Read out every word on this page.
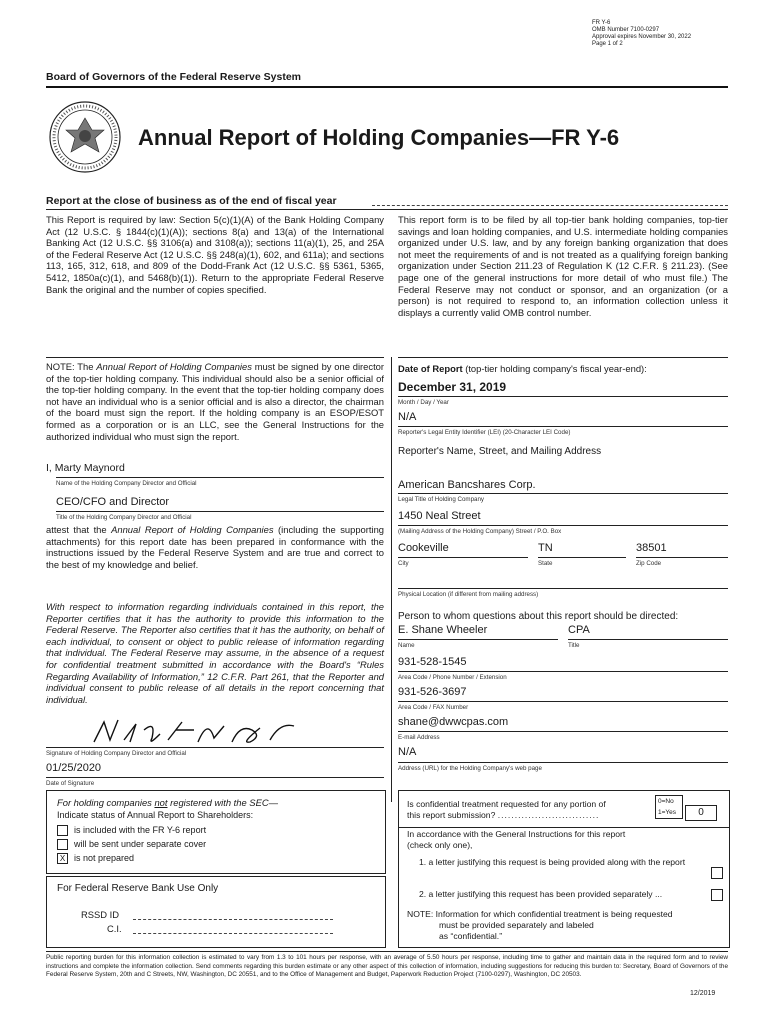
FR Y-6
OMB Number 7100-0297
Approval expires November 30, 2022
Page 1 of 2
Board of Governors of the Federal Reserve System
Annual Report of Holding Companies—FR Y-6
Report at the close of business as of the end of fiscal year
This Report is required by law: Section 5(c)(1)(A) of the Bank Holding Company Act (12 U.S.C. § 1844(c)(1)(A)); sections 8(a) and 13(a) of the International Banking Act (12 U.S.C. §§ 3106(a) and 3108(a)); sections 11(a)(1), 25, and 25A of the Federal Reserve Act (12 U.S.C. §§ 248(a)(1), 602, and 611a); and sections 113, 165, 312, 618, and 809 of the Dodd-Frank Act (12 U.S.C. §§ 5361, 5365, 5412, 1850a(c)(1), and 5468(b)(1)). Return to the appropriate Federal Reserve Bank the original and the number of copies specified.
This report form is to be filed by all top-tier bank holding companies, top-tier savings and loan holding companies, and U.S. intermediate holding companies organized under U.S. law, and by any foreign banking organization that does not meet the requirements of and is not treated as a qualifying foreign banking organization under Section 211.23 of Regulation K (12 C.F.R. § 211.23). (See page one of the general instructions for more detail of who must file.) The Federal Reserve may not conduct or sponsor, and an organization (or a person) is not required to respond to, an information collection unless it displays a currently valid OMB control number.
NOTE: The Annual Report of Holding Companies must be signed by one director of the top-tier holding company. This individual should also be a senior official of the top-tier holding company. In the event that the top-tier holding company does not have an individual who is a senior official and is also a director, the chairman of the board must sign the report. If the holding company is an ESOP/ESOT formed as a corporation or is an LLC, see the General Instructions for the authorized individual who must sign the report.
I, Marty Maynord
Name of the Holding Company Director and Official
CEO/CFO and Director
Title of the Holding Company Director and Official
attest that the Annual Report of Holding Companies (including the supporting attachments) for this report date has been prepared in conformance with the instructions issued by the Federal Reserve System and are true and correct to the best of my knowledge and belief.
With respect to information regarding individuals contained in this report, the Reporter certifies that it has the authority to provide this information to the Federal Reserve. The Reporter also certifies that it has the authority, on behalf of each individual, to consent or object to public release of information regarding that individual. The Federal Reserve may assume, in the absence of a request for confidential treatment submitted in accordance with the Board's “Rules Regarding Availability of Information,” 12 C.F.R. Part 261, that the Reporter and individual consent to public release of all details in the report concerning that individual.
Signature of Holding Company Director and Official
01/25/2020
Date of Signature
For holding companies not registered with the SEC—
Indicate status of Annual Report to Shareholders:
is included with the FR Y-6 report
will be sent under separate cover
X is not prepared
For Federal Reserve Bank Use Only
RSSD ID
C.I.
Date of Report (top-tier holding company's fiscal year-end):
December 31, 2019
Month / Day / Year
N/A
Reporter's Legal Entity Identifier (LEI) (20-Character LEI Code)
Reporter's Name, Street, and Mailing Address
American Bancshares Corp.
Legal Title of Holding Company
1450 Neal Street
(Mailing Address of the Holding Company) Street / P.O. Box
Cookeville	TN	38501
City	State	Zip Code
Physical Location (if different from mailing address)
Person to whom questions about this report should be directed:
E. Shane Wheeler	CPA
Name	Title
931-528-1545
Area Code / Phone Number / Extension
931-526-3697
Area Code / FAX Number
shane@dwwcpas.com
E-mail Address
N/A
Address (URL) for the Holding Company's web page
Is confidential treatment requested for any portion of
this report submission? ..............................
0=No
1=Yes	0
In accordance with the General Instructions for this report (check only one),
1. a letter justifying this request is being provided along with the report
2. a letter justifying this request has been provided separately ...
NOTE: Information for which confidential treatment is being requested
must be provided separately and labeled
as “confidential.”
Public reporting burden for this information collection is estimated to vary from 1.3 to 101 hours per response, with an average of 5.50 hours per response, including time to gather and maintain data in the required form and to review instructions and complete the information collection. Send comments regarding this burden estimate or any other aspect of this collection of information, including suggestions for reducing this burden to: Secretary, Board of Governors of the Federal Reserve System, 20th and C Streets, NW, Washington, DC 20551, and to the Office of Management and Budget, Paperwork Reduction Project (7100-0297), Washington, DC 20503.
12/2019
